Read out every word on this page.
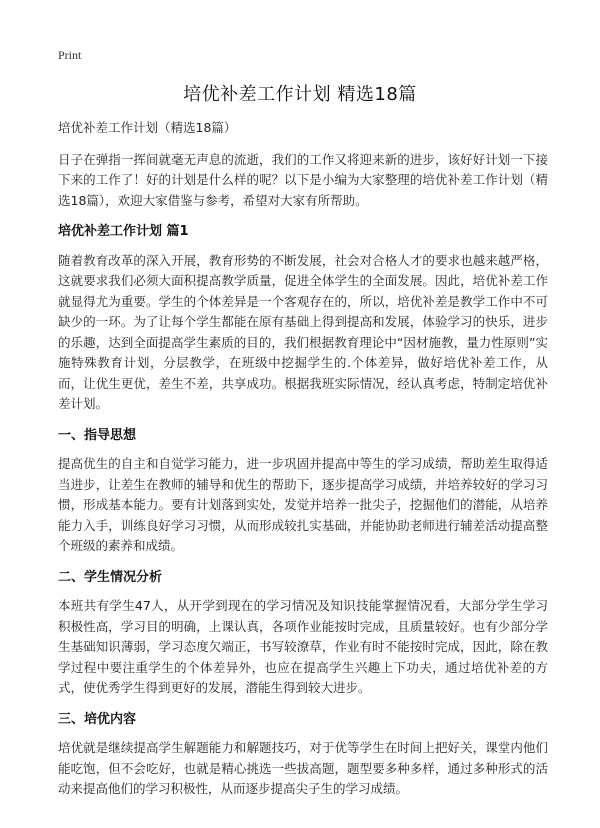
Print
培优补差工作计划 精选18篇

培优补差工作计划（精选18篇）

日子在弹指一挥间就毫无声息的流逝，我们的工作又将迎来新的进步，该好好计划一下接下来的工作了！好的计划是什么样的呢？以下是小编为大家整理的培优补差工作计划（精选18篇），欢迎大家借鉴与参考，希望对大家有所帮助。

培优补差工作计划 篇1

随着教育改革的深入开展，教育形势的不断发展，社会对合格人才的要求也越来越严格，这就要求我们必须大面积提高教学质量，促进全体学生的全面发展。因此，培优补差工作就显得尤为重要。学生的个体差异是一个客观存在的，所以，培优补差是教学工作中不可缺少的一环。为了让每个学生都能在原有基础上得到提高和发展，体验学习的快乐，进步的乐趣，达到全面提高学生素质的目的，我们根据教育理论中“因材施教，量力性原则”实施特殊教育计划，分层教学，在班级中挖掘学生的.个体差异，做好培优补差工作，从而，让优生更优，差生不差，共享成功。根据我班实际情况，经认真考虑，特制定培优补差计划。

一、指导思想

提高优生的自主和自觉学习能力，进一步巩固并提高中等生的学习成绩，帮助差生取得适当进步，让差生在教师的辅导和优生的帮助下，逐步提高学习成绩，并培养较好的学习习惯，形成基本能力。要有计划落到实处，发觉并培养一批尖子，挖掘他们的潜能，从培养能力入手，训练良好学习习惯，从而形成较扎实基础，并能协助老师进行辅差活动提高整个班级的素养和成绩。

二、学生情况分析

本班共有学生47人，从开学到现在的学习情况及知识技能掌握情况看，大部分学生学习积极性高，学习目的明确，上课认真，各项作业能按时完成，且质量较好。也有少部分学生基础知识薄弱，学习态度欠端正，书写较潦草，作业有时不能按时完成，因此，除在教学过程中要注重学生的个体差异外，也应在提高学生兴趣上下功夫，通过培优补差的方式，使优秀学生得到更好的发展，潜能生得到较大进步。

三、培优内容

培优就是继续提高学生解题能力和解题技巧，对于优等学生在时间上把好关，课堂内他们能吃饱，但不会吃好，也就是精心挑选一些拔高题，题型要多种多样，通过多种形式的活动来提高他们的学习积极性，从而逐步提高尖子生的学习成绩。
